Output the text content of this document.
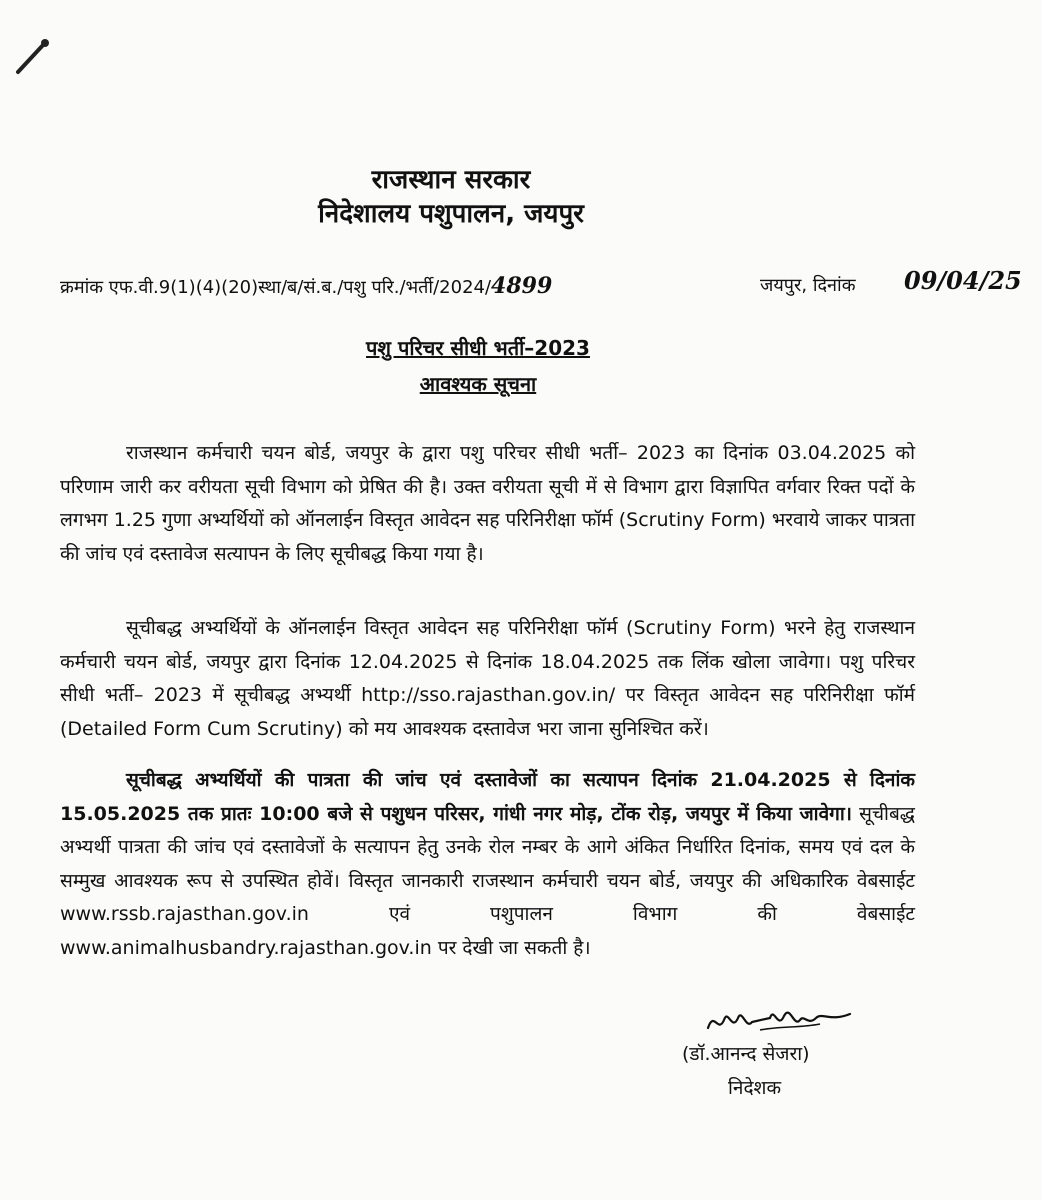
राजस्थान सरकार
निदेशालय पशुपालन, जयपुर
क्रमांक एफ.वी.9(1)(4)(20)स्था/ब/सं.ब./पशु परि./भर्ती/2024/4899	जयपुर, दिनांक 09/04/25
पशु परिचर सीधी भर्ती–2023
आवश्यक सूचना
राजस्थान कर्मचारी चयन बोर्ड, जयपुर के द्वारा पशु परिचर सीधी भर्ती– 2023 का दिनांक 03.04.2025 को परिणाम जारी कर वरीयता सूची विभाग को प्रेषित की है। उक्त वरीयता सूची में से विभाग द्वारा विज्ञापित वर्गवार रिक्त पदों के लगभग 1.25 गुणा अभ्यर्थियों को ऑनलाईन विस्तृत आवेदन सह परिनिरीक्षा फॉर्म (Scrutiny Form) भरवाये जाकर पात्रता की जांच एवं दस्तावेज सत्यापन के लिए सूचीबद्ध किया गया है।
सूचीबद्ध अभ्यर्थियों के ऑनलाईन विस्तृत आवेदन सह परिनिरीक्षा फॉर्म (Scrutiny Form) भरने हेतु राजस्थान कर्मचारी चयन बोर्ड, जयपुर द्वारा दिनांक 12.04.2025 से दिनांक 18.04.2025 तक लिंक खोला जावेगा। पशु परिचर सीधी भर्ती– 2023 में सूचीबद्ध अभ्यर्थी http://sso.rajasthan.gov.in/ पर विस्तृत आवेदन सह परिनिरीक्षा फॉर्म (Detailed Form Cum Scrutiny) को मय आवश्यक दस्तावेज भरा जाना सुनिश्चित करें।
सूचीबद्ध अभ्यर्थियों की पात्रता की जांच एवं दस्तावेजों का सत्यापन दिनांक 21.04.2025 से दिनांक 15.05.2025 तक प्रातः 10:00 बजे से पशुधन परिसर, गांधी नगर मोड़, टोंक रोड़, जयपुर में किया जावेगा। सूचीबद्ध अभ्यर्थी पात्रता की जांच एवं दस्तावेजों के सत्यापन हेतु उनके रोल नम्बर के आगे अंकित निर्धारित दिनांक, समय एवं दल के सम्मुख आवश्यक रूप से उपस्थित होवें। विस्तृत जानकारी राजस्थान कर्मचारी चयन बोर्ड, जयपुर की अधिकारिक वेबसाईट www.rssb.rajasthan.gov.in एवं पशुपालन विभाग की वेबसाईट www.animalhusbandry.rajasthan.gov.in पर देखी जा सकती है।
(डॉ.आनन्द सेजरा)
निदेशक
